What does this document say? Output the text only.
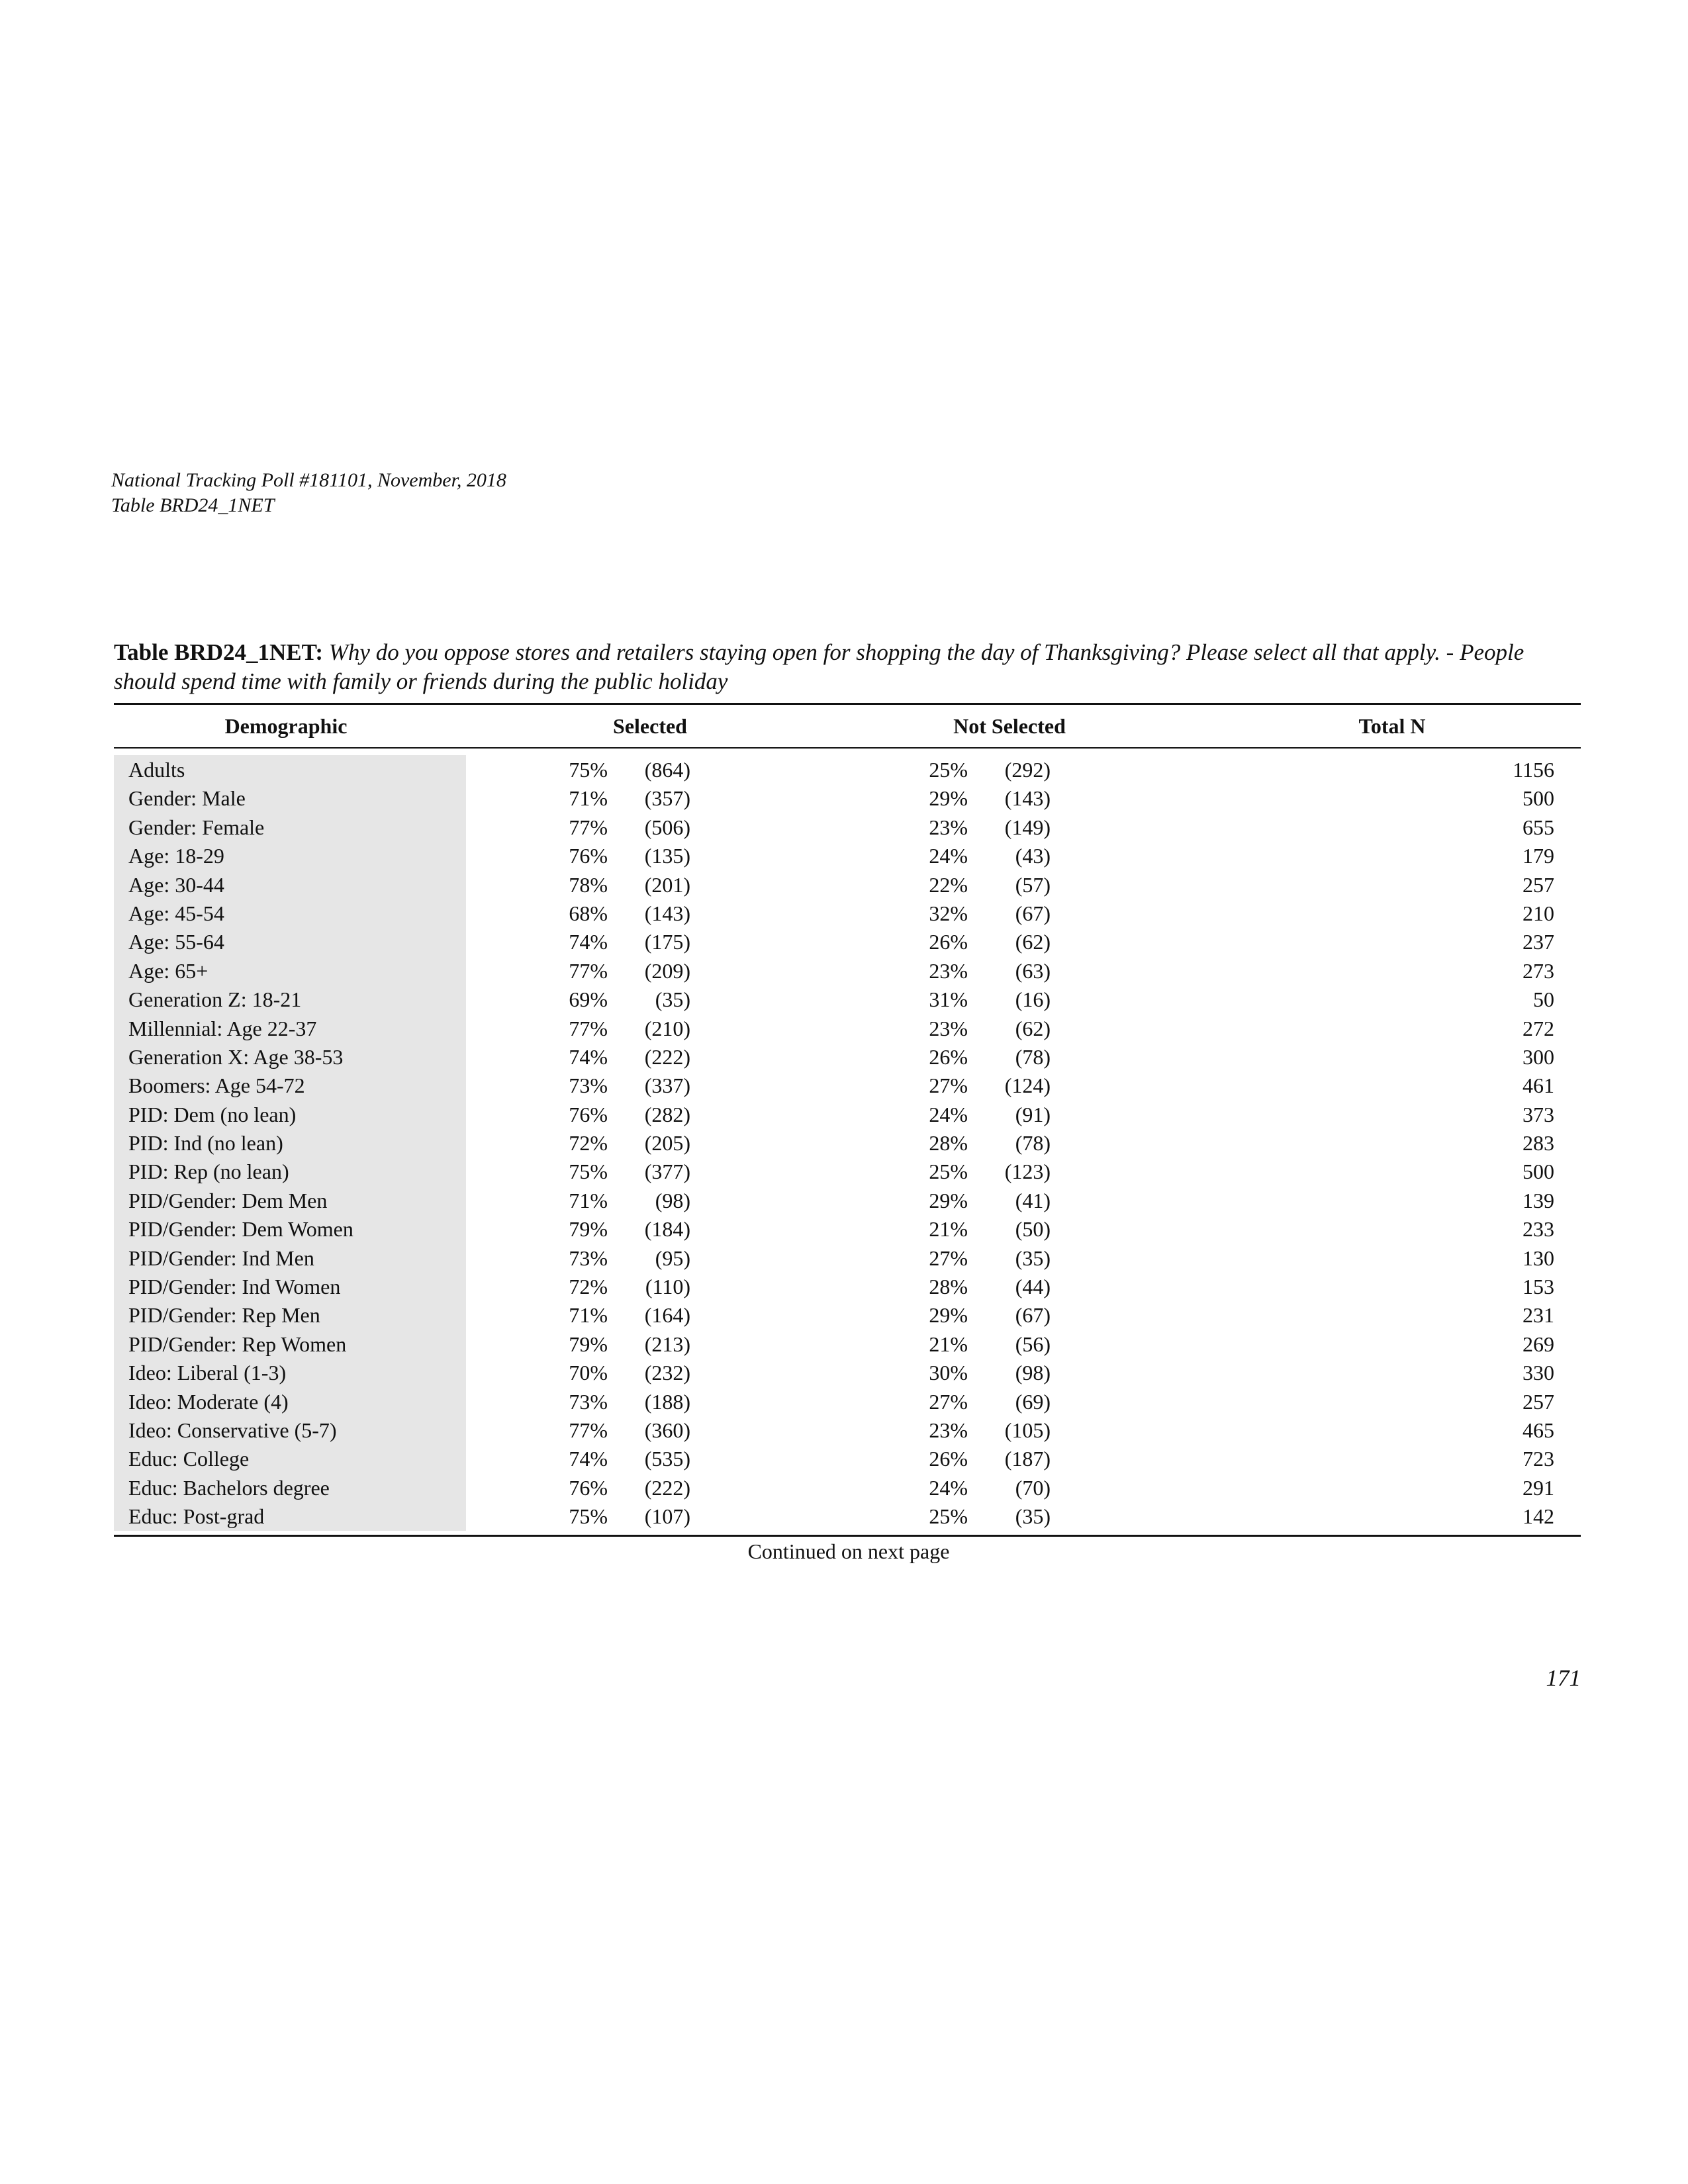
National Tracking Poll #181101, November, 2018
Table BRD24_1NET
Table BRD24_1NET: Why do you oppose stores and retailers staying open for shopping the day of Thanksgiving? Please select all that apply. - People should spend time with family or friends during the public holiday
Demographic	Selected	Not Selected	Total N
Adults	75% (864)	25% (292)	1156
Gender: Male	71% (357)	29% (143)	500
Gender: Female	77% (506)	23% (149)	655
Age: 18-29	76% (135)	24% (43)	179
Age: 30-44	78% (201)	22% (57)	257
Age: 45-54	68% (143)	32% (67)	210
Age: 55-64	74% (175)	26% (62)	237
Age: 65+	77% (209)	23% (63)	273
Generation Z: 18-21	69% (35)	31% (16)	50
Millennial: Age 22-37	77% (210)	23% (62)	272
Generation X: Age 38-53	74% (222)	26% (78)	300
Boomers: Age 54-72	73% (337)	27% (124)	461
PID: Dem (no lean)	76% (282)	24% (91)	373
PID: Ind (no lean)	72% (205)	28% (78)	283
PID: Rep (no lean)	75% (377)	25% (123)	500
PID/Gender: Dem Men	71% (98)	29% (41)	139
PID/Gender: Dem Women	79% (184)	21% (50)	233
PID/Gender: Ind Men	73% (95)	27% (35)	130
PID/Gender: Ind Women	72% (110)	28% (44)	153
PID/Gender: Rep Men	71% (164)	29% (67)	231
PID/Gender: Rep Women	79% (213)	21% (56)	269
Ideo: Liberal (1-3)	70% (232)	30% (98)	330
Ideo: Moderate (4)	73% (188)	27% (69)	257
Ideo: Conservative (5-7)	77% (360)	23% (105)	465
Educ: College	74% (535)	26% (187)	723
Educ: Bachelors degree	76% (222)	24% (70)	291
Educ: Post-grad	75% (107)	25% (35)	142
Continued on next page
171
